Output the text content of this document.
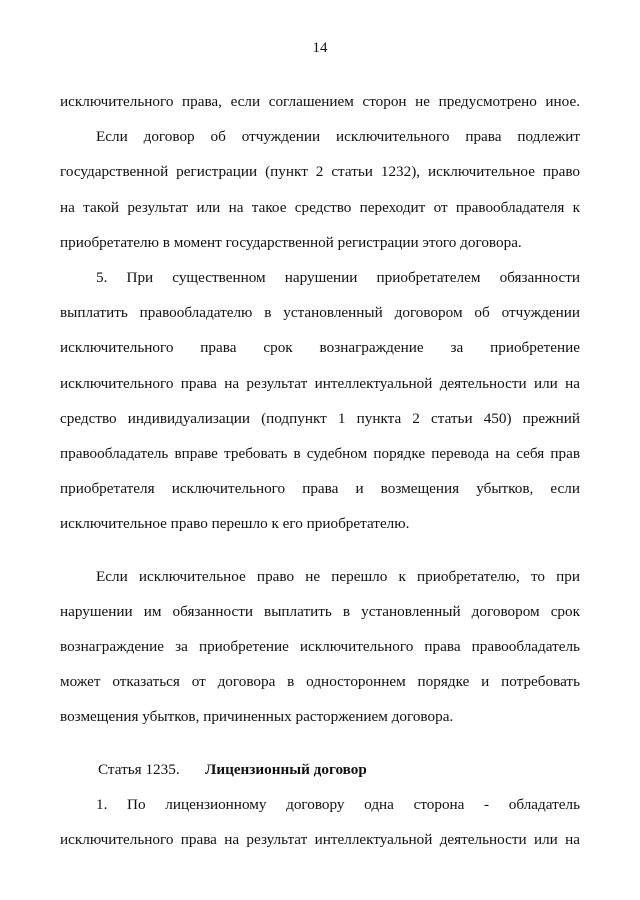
14

исключительного права, если соглашением сторон не предусмотрено иное.
Если договор об отчуждении исключительного права подлежит
государственной регистрации (пункт 2 статьи 1232), исключительное право
на такой результат или на такое средство переходит от правообладателя к
приобретателю в момент государственной регистрации этого договора.

5. При существенном нарушении приобретателем обязанности
выплатить правообладателю в установленный договором об отчуждении
исключительного права срок вознаграждение за приобретение
исключительного права на результат интеллектуальной деятельности или на
средство индивидуализации (подпункт 1 пункта 2 статьи 450) прежний
правообладатель вправе требовать в судебном порядке перевода на себя прав
приобретателя исключительного права и возмещения убытков, если
исключительное право перешло к его приобретателю.

Если исключительное право не перешло к приобретателю, то при
нарушении им обязанности выплатить в установленный договором срок
вознаграждение за приобретение исключительного права правообладатель
может отказаться от договора в одностороннем порядке и потребовать
возмещения убытков, причиненных расторжением договора.

Статья 1235. Лицензионный договор

1. По лицензионному договору одна сторона - обладатель
исключительного права на результат интеллектуальной деятельности или на
